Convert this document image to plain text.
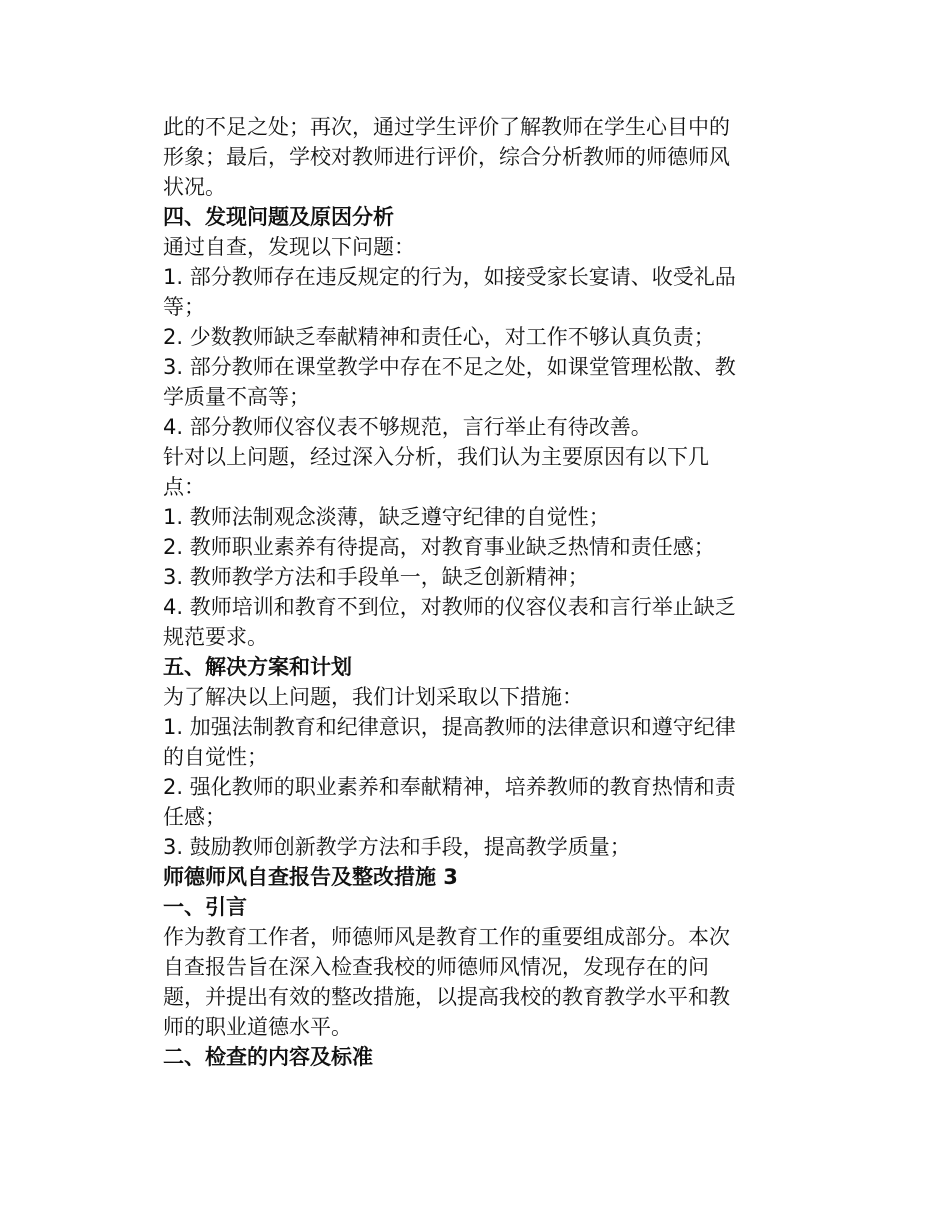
此的不足之处；再次，通过学生评价了解教师在学生心目中的

形象；最后，学校对教师进行评价，综合分析教师的师德师风

状况。

四、发现问题及原因分析

通过自查，发现以下问题：

1. 部分教师存在违反规定的行为，如接受家长宴请、收受礼品

等；

2. 少数教师缺乏奉献精神和责任心，对工作不够认真负责；

3. 部分教师在课堂教学中存在不足之处，如课堂管理松散、教

学质量不高等；

4. 部分教师仪容仪表不够规范，言行举止有待改善。

针对以上问题，经过深入分析，我们认为主要原因有以下几

点：

1. 教师法制观念淡薄，缺乏遵守纪律的自觉性；

2. 教师职业素养有待提高，对教育事业缺乏热情和责任感；

3. 教师教学方法和手段单一，缺乏创新精神；

4. 教师培训和教育不到位，对教师的仪容仪表和言行举止缺乏

规范要求。

五、解决方案和计划

为了解决以上问题，我们计划采取以下措施：

1. 加强法制教育和纪律意识，提高教师的法律意识和遵守纪律

的自觉性；

2. 强化教师的职业素养和奉献精神，培养教师的教育热情和责

任感；

3. 鼓励教师创新教学方法和手段，提高教学质量；

师德师风自查报告及整改措施 3
一、引言

作为教育工作者，师德师风是教育工作的重要组成部分。本次

自查报告旨在深入检查我校的师德师风情况，发现存在的问

题，并提出有效的整改措施，以提高我校的教育教学水平和教

师的职业道德水平。

二、检查的内容及标准
